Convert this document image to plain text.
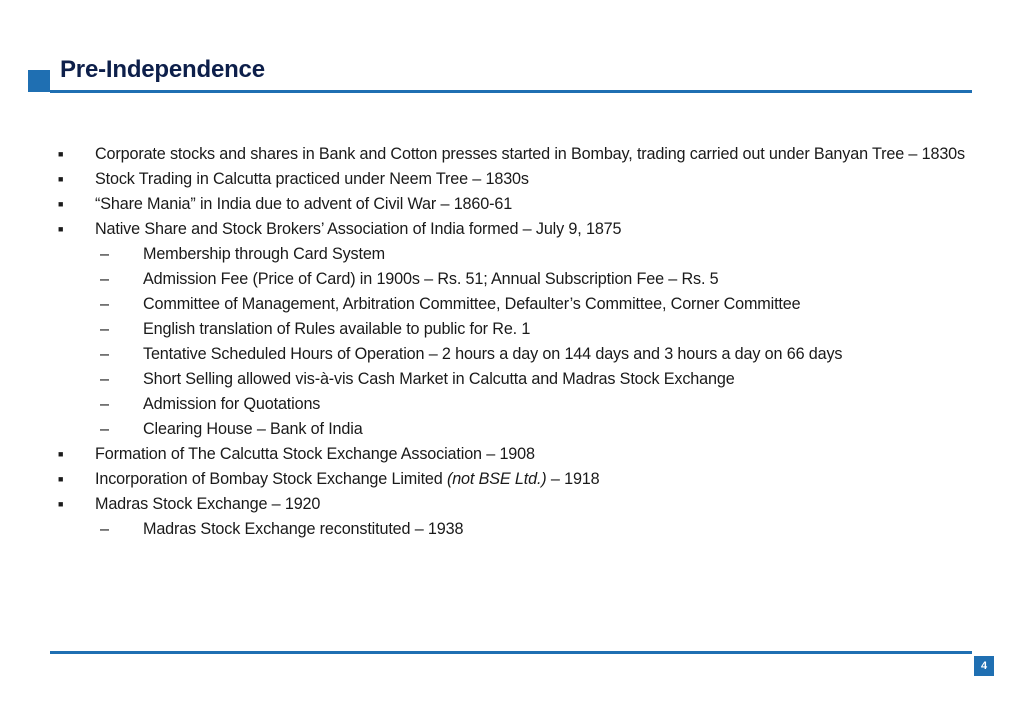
Pre-Independence
■ Corporate stocks and shares in Bank and Cotton presses started in Bombay, trading carried out under Banyan Tree – 1830s
■ Stock Trading in Calcutta practiced under Neem Tree – 1830s
■ “Share Mania” in India due to advent of Civil War – 1860-61
■ Native Share and Stock Brokers’ Association of India formed – July 9, 1875
– Membership through Card System
– Admission Fee (Price of Card) in 1900s – Rs. 51; Annual Subscription Fee – Rs. 5
– Committee of Management, Arbitration Committee, Defaulter’s Committee, Corner Committee
– English translation of Rules available to public for Re. 1
– Tentative Scheduled Hours of Operation – 2 hours a day on 144 days and 3 hours a day on 66 days
– Short Selling allowed vis-à-vis Cash Market in Calcutta and Madras Stock Exchange
– Admission for Quotations
– Clearing House – Bank of India
■ Formation of The Calcutta Stock Exchange Association – 1908
■ Incorporation of Bombay Stock Exchange Limited (not BSE Ltd.) – 1918
■ Madras Stock Exchange – 1920
– Madras Stock Exchange reconstituted – 1938
4
